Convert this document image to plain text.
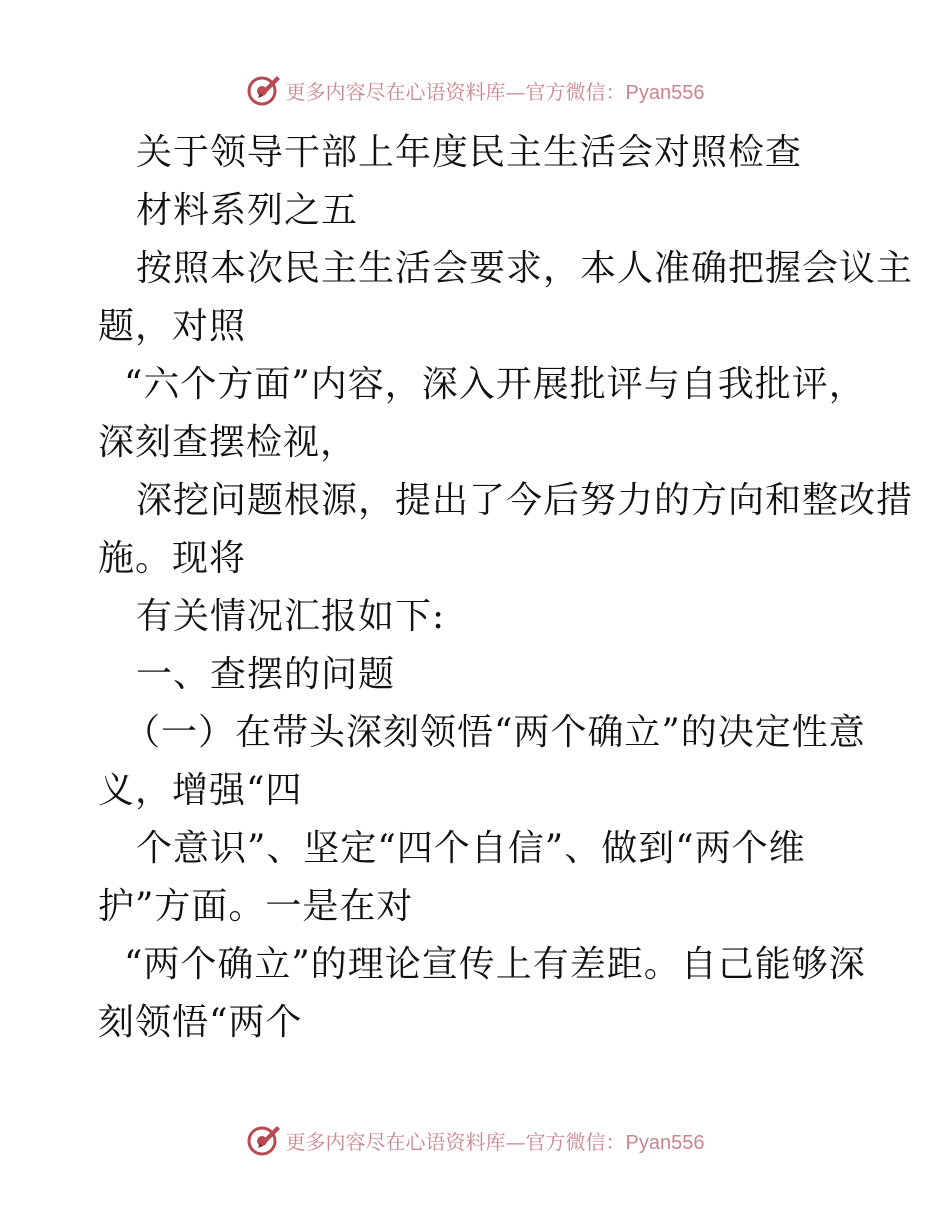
更多内容尽在心语资料库—官方微信：Pyan556
关于领导干部上年度民主生活会对照检查
材料系列之五
按照本次民主生活会要求，本人准确把握会议主
题，对照
“六个方面”内容，深入开展批评与自我批评，
深刻查摆检视，
深挖问题根源，提出了今后努力的方向和整改措
施。现将
有关情况汇报如下:
一、查摆的问题
（一）在带头深刻领悟“两个确立”的决定性意
义，增强“四
个意识”、坚定“四个自信”、做到“两个维
护”方面。一是在对
“两个确立”的理论宣传上有差距。自己能够深
刻领悟“两个
更多内容尽在心语资料库—官方微信：Pyan556
